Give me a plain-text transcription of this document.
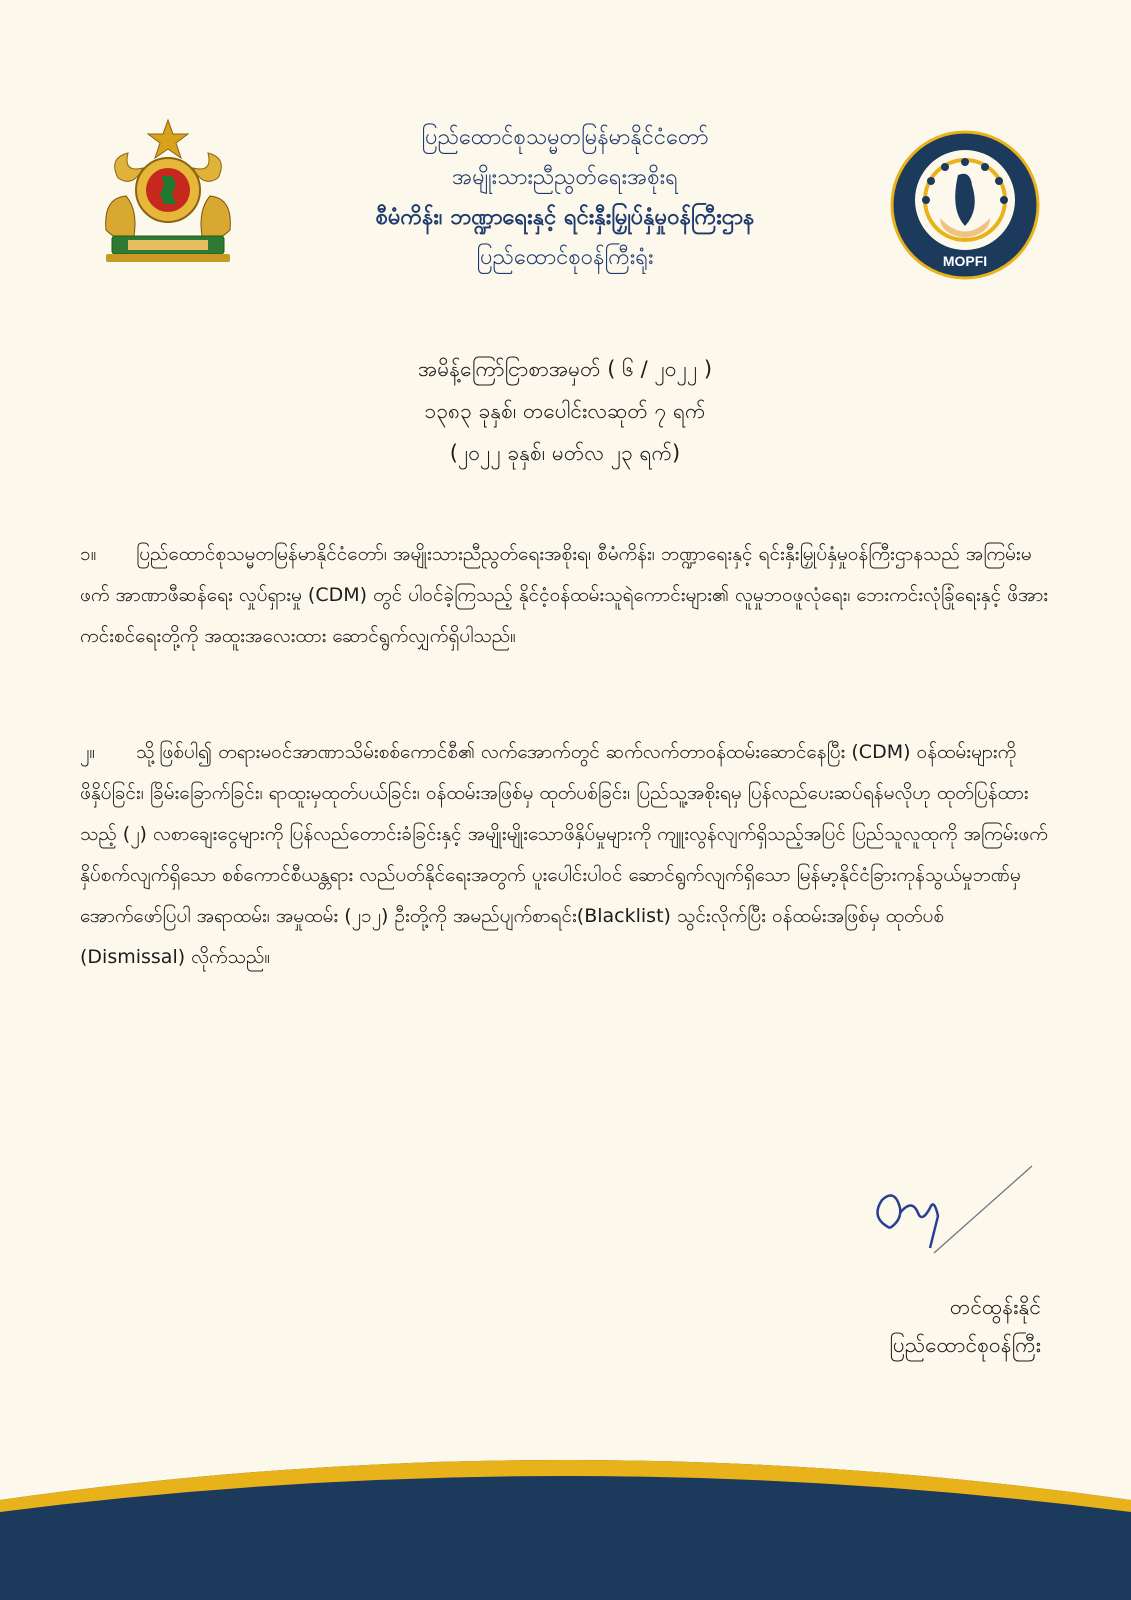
ပြည်ထောင်စုသမ္မတမြန်မာနိုင်ငံတော်
အမျိုးသားညီညွတ်ရေးအစိုးရ
စီမံကိန်း၊ ဘဏ္ဍာရေးနှင့် ရင်းနှီးမြှုပ်နှံမှုဝန်ကြီးဌာန
ပြည်ထောင်စုဝန်ကြီးရုံး	MOPFI
အမိန့်ကြော်ငြာစာအမှတ် ( ၆ / ၂၀၂၂ )
၁၃၈၃ ခုနှစ်၊ တပေါင်းလဆုတ် ၇ ရက်
(၂၀၂၂ ခုနှစ်၊ မတ်လ ၂၃ ရက်)
၁။ ပြည်ထောင်စုသမ္မတမြန်မာနိုင်ငံတော်၊ အမျိုးသားညီညွတ်ရေးအစိုးရ၊ စီမံကိန်း၊ ဘဏ္ဍာရေးနှင့် ရင်းနှီးမြှုပ်နှံမှုဝန်ကြီးဌာနသည် အကြမ်းမဖက် အာဏာဖီဆန်ရေး လှုပ်ရှားမှု (CDM) တွင် ပါဝင်ခဲ့ကြသည့် နိုင်ငံ့ဝန်ထမ်းသူရဲကောင်းများ၏ လူမှုဘဝဖူလုံရေး၊ ဘေးကင်းလုံခြုံရေးနှင့် ဖိအားကင်းစင်ရေးတို့ကို အထူးအလေးထား ဆောင်ရွက်လျှက်ရှိပါသည်။
၂။ သို့ဖြစ်ပါ၍ တရားမဝင်အာဏာသိမ်းစစ်ကောင်စီ၏ လက်အောက်တွင် ဆက်လက်တာဝန်ထမ်းဆောင်နေပြီး (CDM) ဝန်ထမ်းများကို ဖိနှိပ်ခြင်း၊ ခြိမ်းခြောက်ခြင်း၊ ရာထူးမှထုတ်ပယ်ခြင်း၊ ဝန်ထမ်းအဖြစ်မှ ထုတ်ပစ်ခြင်း၊ ပြည်သူ့အစိုးရမှ ပြန်လည်ပေးဆပ်ရန်မလိုဟု ထုတ်ပြန်ထားသည့် (၂) လစာချေးငွေများကို ပြန်လည်တောင်းခံခြင်းနှင့် အမျိုးမျိုးသောဖိနှိပ်မှုများကို ကျူးလွန်လျက်ရှိသည့်အပြင် ပြည်သူလူထုကို အကြမ်းဖက်နှိပ်စက်လျက်ရှိသော စစ်ကောင်စီယန္တရား လည်ပတ်နိုင်ရေးအတွက် ပူးပေါင်းပါဝင် ဆောင်ရွက်လျက်ရှိသော မြန်မာ့နိုင်ငံခြားကုန်သွယ်မှုဘဏ်မှ အောက်ဖော်ပြပါ အရာထမ်း၊ အမှုထမ်း (၂၁၂) ဦးတို့ကို အမည်ပျက်စာရင်း(Blacklist) သွင်းလိုက်ပြီး ဝန်ထမ်းအဖြစ်မှ ထုတ်ပစ် (Dismissal) လိုက်သည်။
တင်ထွန်းနိုင်
ပြည်ထောင်စုဝန်ကြီး
